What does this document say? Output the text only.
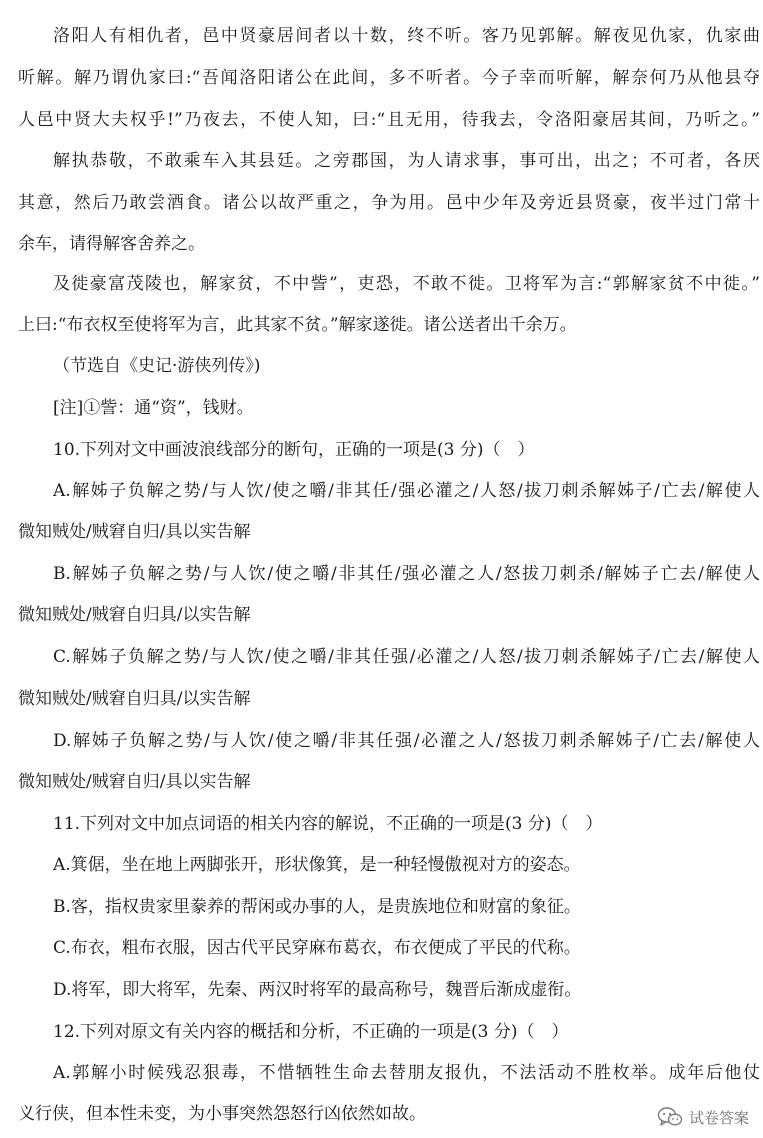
洛阳人有相仇者，邑中贤豪居间者以十数，终不听。客乃见郭解。解夜见仇家，仇家曲
听解。解乃谓仇家曰:“吾闻洛阳诸公在此间，多不听者。今子幸而听解，解奈何乃从他县夺
人邑中贤大夫权乎!”乃夜去，不使人知，曰:“且无用，待我去，令洛阳豪居其间，乃听之。”
解执恭敬，不敢乘车入其县廷。之旁郡国，为人请求事，事可出，出之；不可者，各厌
其意，然后乃敢尝酒食。诸公以故严重之，争为用。邑中少年及旁近县贤豪，夜半过门常十
余车，请得解客舍养之。
及徙豪富茂陵也，解家贫，不中訾”，吏恐，不敢不徙。卫将军为言:“郭解家贫不中徙。”
上曰:“布衣权至使将军为言，此其家不贫。”解家遂徙。诸公送者出千余万。
（节选自《史记·游侠列传》)
[注]①訾：通“资”，钱财。
10.下列对文中画波浪线部分的断句，正确的一项是(3 分)（　）
A.解姊子负解之势/与人饮/使之嚼/非其任/强必灌之/人怒/拔刀刺杀解姊子/亡去/解使人
微知贼处/贼窘自归/具以实告解
B.解姊子负解之势/与人饮/使之嚼/非其任/强必灌之人/怒拔刀刺杀/解姊子亡去/解使人
微知贼处/贼窘自归具/以实告解
C.解姊子负解之势/与人饮/使之嚼/非其任强/必灌之/人怒/拔刀刺杀解姊子/亡去/解使人
微知贼处/贼窘自归具/以实告解
D.解姊子负解之势/与人饮/使之嚼/非其任强/必灌之人/怒拔刀刺杀解姊子/亡去/解使人
微知贼处/贼窘自归/具以实告解
11.下列对文中加点词语的相关内容的解说，不正确的一项是(3 分)（　）
A.箕倨，坐在地上两脚张开，形状像箕，是一种轻慢傲视对方的姿态。
B.客，指权贵家里豢养的帮闲或办事的人，是贵族地位和财富的象征。
C.布衣，粗布衣服，因古代平民穿麻布葛衣，布衣便成了平民的代称。
D.将军，即大将军，先秦、两汉时将军的最高称号，魏晋后渐成虚衔。
12.下列对原文有关内容的概括和分析，不正确的一项是(3 分)（　）
A.郭解小时候残忍狠毒，不惜牺牲生命去替朋友报仇，不法活动不胜枚举。成年后他仗
义行侠，但本性未变，为小事突然怨怒行凶依然如故。	试卷答案
